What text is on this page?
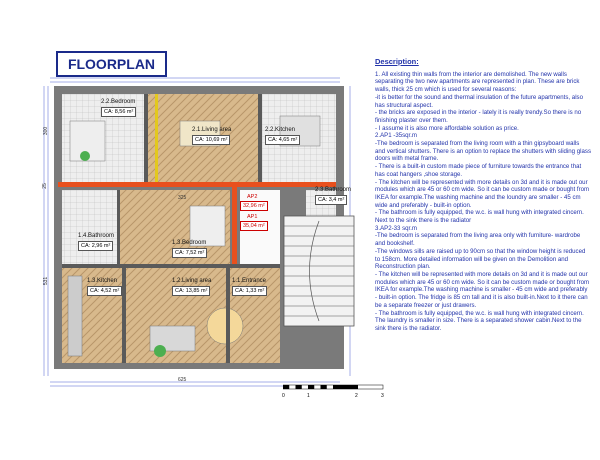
FLOORPLAN
2.2.Bedroom
CA: 8,56 m²
2.1.Living area
CA: 10,69 m²
2.2.Kitchen
CA: 4,65 m²
2.3.Bathroom
CA: 3,4 m²
1.4.Bathroom
CA: 2,96 m²	1.3.Bedroom
CA: 7,52 m²
1.3.Kitchen
CA: 4,52 m²
1.2.Living area
CA: 13,85 m²
1.1.Entrance
CA: 1,33 m²
AP2
32,96 m²
AP1
35,04 m²
300
25
531
325
625
0	1	2	3
Description:

1. All existing thin walls from the interior are demolished. The new walls separating the two new apartments are represented in plan. These are brick walls, thick 25 cm which is used for several reasons:

-it is better for the sound and thermal insulation of the future apartments, also has structural aspect.

- the bricks are exposed in the interior - lately it is really trendy.So there is no finishing plaster over them.

- I assume it is also more affordable solution as price.

2.AP1 -35sqr.m

-The bedroom is separated from the living room with a thin gipsyboard walls and vertical shutters. There is an option to replace the shutters with sliding glass doors with metal frame.

- There is a built-in custom made piece of furniture towards the entrance that has coat hangers ,shoe storage.

- The kitchen will be represented with more details on 3d and it is made out our modules which are 45 or 60 cm wide. So it can be custom made or bought from IKEA for example.The washing machine and the loundry are smaller - 45 cm wide and preferably - built-in option.

- The bathroom is fully equipped, the w.c. is wall hung with integrated cincern. Next to the sink there is the radiator

3.AP2-33 sqr.m

-The bedroom is separated from the living area only with furniture- wardrobe and bookshelf.

-The windows sills are raised up to 90cm so that the window height is reduced to 158cm. More detailed information will be given on the Demolition and Reconstruction plan.

- The kitchen will be represented with more details on 3d and it is made out our modules which are 45 or 60 cm wide. So it can be custom made or bought from IKEA for example.The washing machine is smaller - 45 cm wide and preferably - built-in option. The fridge is 85 cm tall and it is also built-in.Next to it there can be a separate freezer or just drawers.

- The bathroom is fully equipped, the w.c. is wall hung with integrated cincern. The laundry is smaller in size. There is a separated shower cabin.Next to the sink there is the radiator.
